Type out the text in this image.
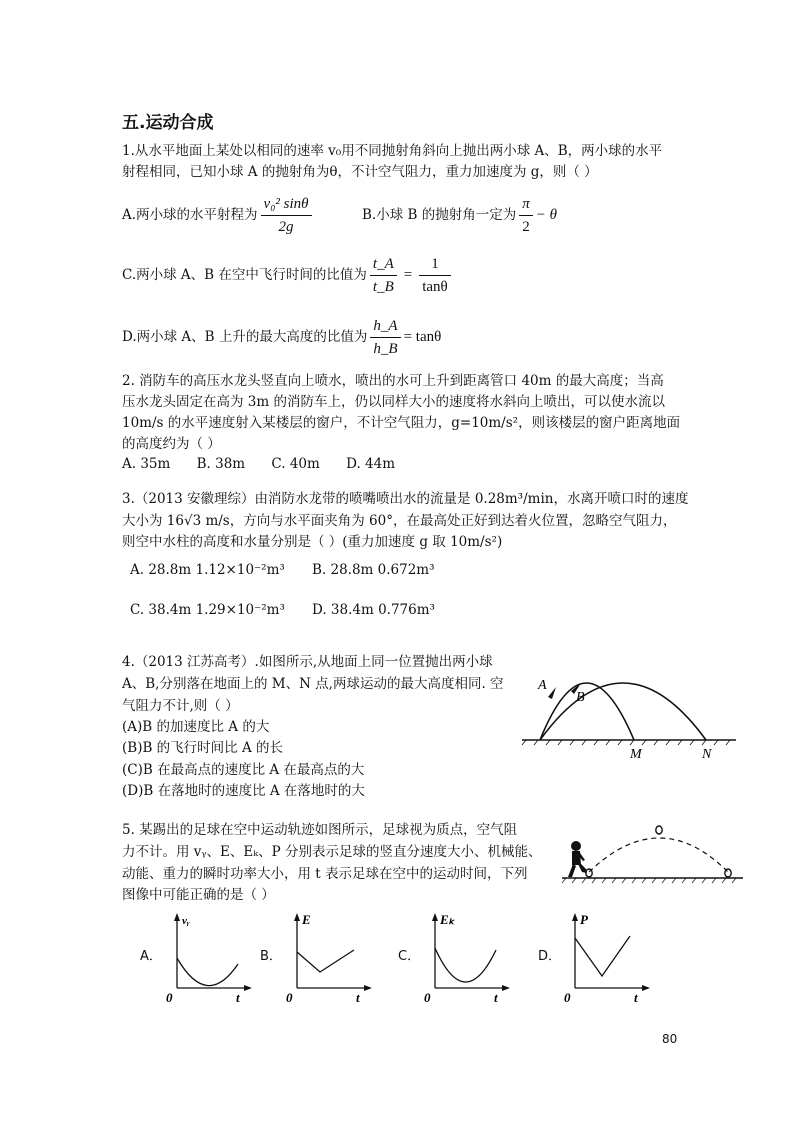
五.运动合成
1.从水平地面上某处以相同的速率 v₀用不同抛射角斜向上抛出两小球 A、B，两小球的水平
射程相同，已知小球 A 的抛射角为θ，不计空气阻力，重力加速度为 g，则（ ）
A.两小球的水平射程为 $\frac{\text{v₀² sinθ}}{2g}$	B.小球 B 的抛射角一定为 $\frac{\pi}{2} - \theta$
C.两小球 A、B 在空中飞行时间的比值为 $\frac{t\_A}{t\_B} = \frac{1}{\tan\theta}$
D.两小球 A、B 上升的最大高度的比值为 $\frac{h\_A}{h\_B} = \tan\theta$
2. 消防车的高压水龙头竖直向上喷水，喷出的水可上升到距离管口 40m 的最大高度；当高
压水龙头固定在高为 3m 的消防车上，仍以同样大小的速度将水斜向上喷出，可以使水流以
10m/s 的水平速度射入某楼层的窗户，不计空气阻力，g=10m/s²，则该楼层的窗户距离地面
的高度约为（ ）
A. 35m B. 38m C. 40m D. 44m
3.（2013 安徽理综）由消防水龙带的喷嘴喷出水的流量是 0.28m³/min，水离开喷口时的速度
大小为 16√3 m/s，方向与水平面夹角为 60°，在最高处正好到达着火位置，忽略空气阻力，
则空中水柱的高度和水量分别是（ ）(重力加速度 g 取 10m/s²)
A. 28.8m 1.12×10⁻²m³ B. 28.8m 0.672m³
C. 38.4m 1.29×10⁻²m³ D. 38.4m 0.776m³
4.（2013 江苏高考）.如图所示,从地面上同一位置抛出两小球
A、B,分别落在地面上的 M、N 点,两球运动的最大高度相同. 空
气阻力不计,则（ ）
(A)B 的加速度比 A 的大
(B)B 的飞行时间比 A 的长
(C)B 在最高点的速度比 A 在最高点的大
(D)B 在落地时的速度比 A 在落地时的大
A
B
M	N
5. 某踢出的足球在空中运动轨迹如图所示，足球视为质点，空气阻
力不计。用 vᵧ、E、Eₖ、P 分别表示足球的竖直分速度大小、机械能、
动能、重力的瞬时功率大小，用 t 表示足球在空中的运动时间，下列
图像中可能正确的是（ ）
A．
vᵧ
0	t
B．
E
0	t
C．
Eₖ
0	t
D．
P
0	t
80
